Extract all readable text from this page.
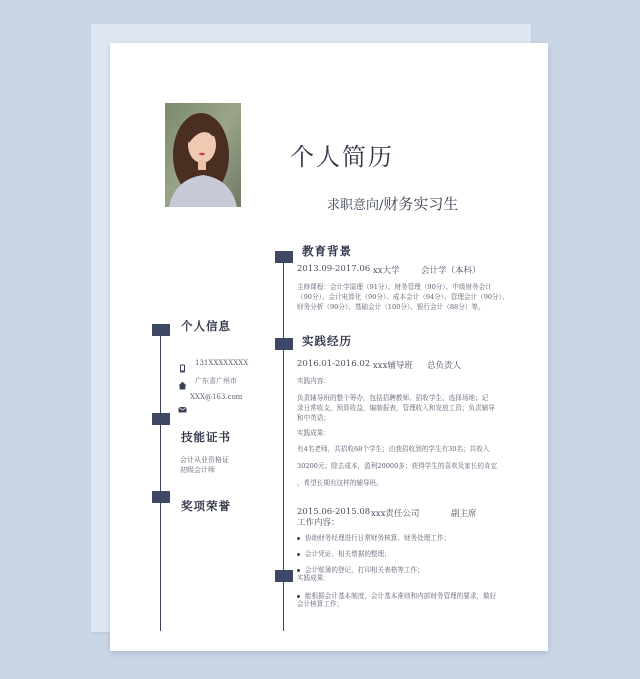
个人简历
求职意向/财务实习生
个人信息
131XXXXXXXX
广东省广州市
XXX@163.com
技能证书
会计从业资格证
初级会计师
奖项荣誉
教育背景
2013.09-2017.06 xx大学	会计学（本科）
主修课程：会计学原理（91分）、财务管理（90分）、中级财务会计
（90分）、会计电算化（90分）、成本会计（94分）、管理会计（90分）、
财务分析（90分）、基础会计（100分）、银行会计（88分）等。
实践经历
2016.01-2016.02 xxx辅导班 总负责人
实践内容：
负责辅导班的整个筹办，包括招聘教师、招收学生、选择场地；记
录日常收支，预算收益，编制报表，管理收入和发放工资；负责辅导
和中英语；
实践成果：
有4名老师，共招收68个学生；由我招收到的学生有30名；共收入
30200元；除去成本，盈利20000多；获得学生的喜欢及家长的肯定
，希望长期有这样的辅导班。
2015.06-2015.08 xxx责任公司	副主席
工作内容：
协助财务经理进行日常财务核算、财务处理工作；
会计凭证、相关票据的整理；
会计账簿的登记，打印相关表格等工作；
实践成果：
能根据会计基本制度，会计基本准则和内部财务管理的要求，做好
会计核算工作；
